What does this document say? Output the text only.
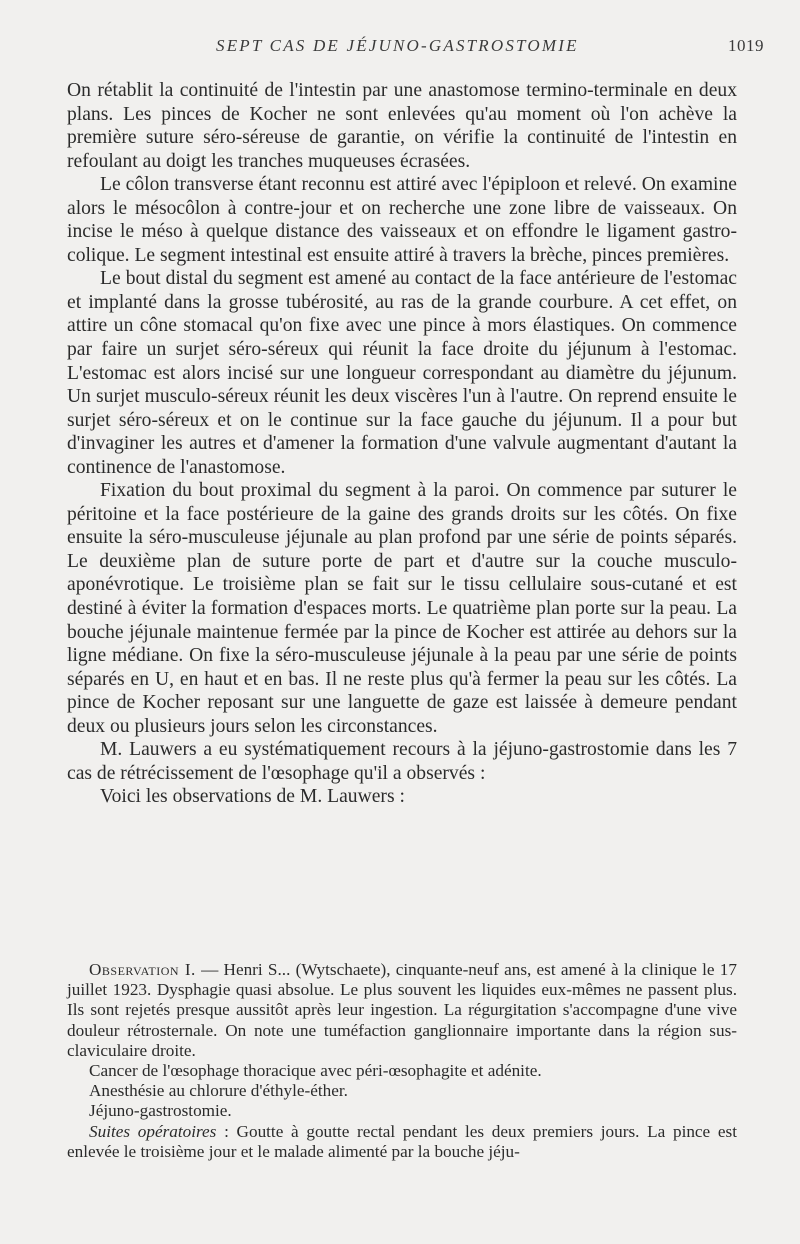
SEPT CAS DE JÉJUNO-GASTROSTOMIE	1019

On rétablit la continuité de l'intestin par une anastomose termino-terminale en deux plans. Les pinces de Kocher ne sont enlevées qu'au moment où l'on achève la première suture séro-séreuse de garantie, on vérifie la continuité de l'intestin en refoulant au doigt les tranches muqueuses écrasées.

Le côlon transverse étant reconnu est attiré avec l'épiploon et relevé. On examine alors le mésocôlon à contre-jour et on recherche une zone libre de vaisseaux. On incise le méso à quelque distance des vaisseaux et on effondre le ligament gastro-colique. Le segment intestinal est ensuite attiré à travers la brèche, pinces premières.

Le bout distal du segment est amené au contact de la face antérieure de l'estomac et implanté dans la grosse tubérosité, au ras de la grande courbure. A cet effet, on attire un cône stomacal qu'on fixe avec une pince à mors élastiques. On commence par faire un surjet séro-séreux qui réunit la face droite du jéjunum à l'estomac. L'estomac est alors incisé sur une longueur correspondant au diamètre du jéjunum. Un surjet musculo-séreux réunit les deux viscères l'un à l'autre. On reprend ensuite le surjet séro-séreux et on le continue sur la face gauche du jéjunum. Il a pour but d'invaginer les autres et d'amener la formation d'une valvule augmentant d'autant la continence de l'anastomose.

Fixation du bout proximal du segment à la paroi. On commence par suturer le péritoine et la face postérieure de la gaine des grands droits sur les côtés. On fixe ensuite la séro-musculeuse jéjunale au plan profond par une série de points séparés. Le deuxième plan de suture porte de part et d'autre sur la couche musculo-aponévrotique. Le troisième plan se fait sur le tissu cellulaire sous-cutané et est destiné à éviter la formation d'espaces morts. Le quatrième plan porte sur la peau. La bouche jéjunale maintenue fermée par la pince de Kocher est attirée au dehors sur la ligne médiane. On fixe la séro-musculeuse jéjunale à la peau par une série de points séparés en U, en haut et en bas. Il ne reste plus qu'à fermer la peau sur les côtés. La pince de Kocher reposant sur une languette de gaze est laissée à demeure pendant deux ou plusieurs jours selon les circonstances.

M. Lauwers a eu systématiquement recours à la jéjuno-gastrostomie dans les 7 cas de rétrécissement de l'œsophage qu'il a observés :

Voici les observations de M. Lauwers :

Observation I. — Henri S... (Wytschaete), cinquante-neuf ans, est amené à la clinique le 17 juillet 1923. Dysphagie quasi absolue. Le plus souvent les liquides eux-mêmes ne passent plus. Ils sont rejetés presque aussitôt après leur ingestion. La régurgitation s'accompagne d'une vive douleur rétrosternale. On note une tuméfaction ganglionnaire importante dans la région sus-claviculaire droite.

Cancer de l'œsophage thoracique avec péri-œsophagite et adénite.

Anesthésie au chlorure d'éthyle-éther.

Jéjuno-gastrostomie.

Suites opératoires : Goutte à goutte rectal pendant les deux premiers jours. La pince est enlevée le troisième jour et le malade alimenté par la bouche jéju-
